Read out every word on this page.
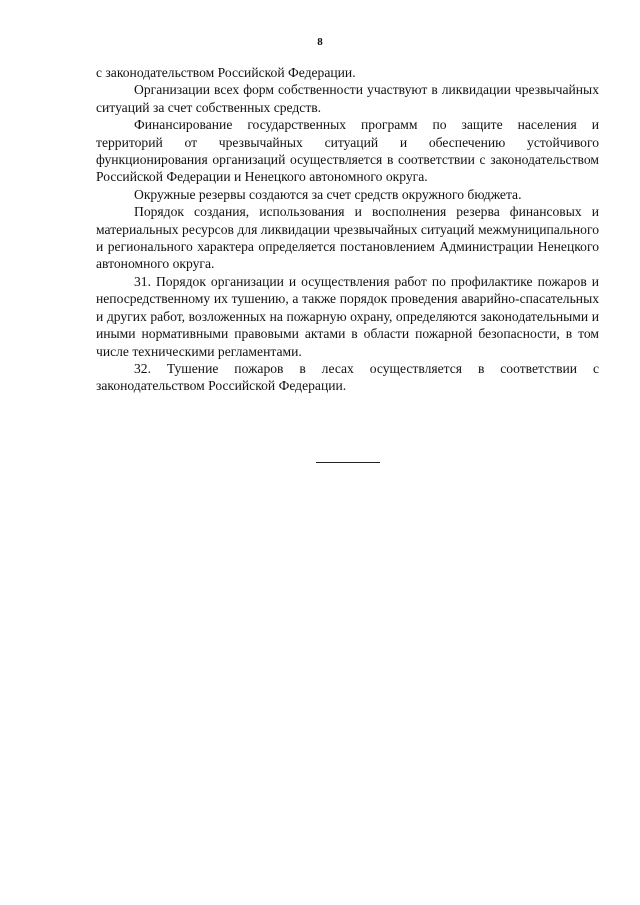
8

с законодательством Российской Федерации.

Организации всех форм собственности участвуют в ликвидации чрезвычайных ситуаций за счет собственных средств.

Финансирование государственных программ по защите населения и территорий от чрезвычайных ситуаций и обеспечению устойчивого функционирования организаций осуществляется в соответствии с законодательством Российской Федерации и Ненецкого автономного округа.

Окружные резервы создаются за счет средств окружного бюджета.

Порядок создания, использования и восполнения резерва финансовых и материальных ресурсов для ликвидации чрезвычайных ситуаций межмуниципального и регионального характера определяется постановлением Администрации Ненецкого автономного округа.

31. Порядок организации и осуществления работ по профилактике пожаров и непосредственному их тушению, а также порядок проведения аварийно-спасательных и других работ, возложенных на пожарную охрану, определяются законодательными и иными нормативными правовыми актами в области пожарной безопасности, в том числе техническими регламентами.

32. Тушение пожаров в лесах осуществляется в соответствии с законодательством Российской Федерации.
